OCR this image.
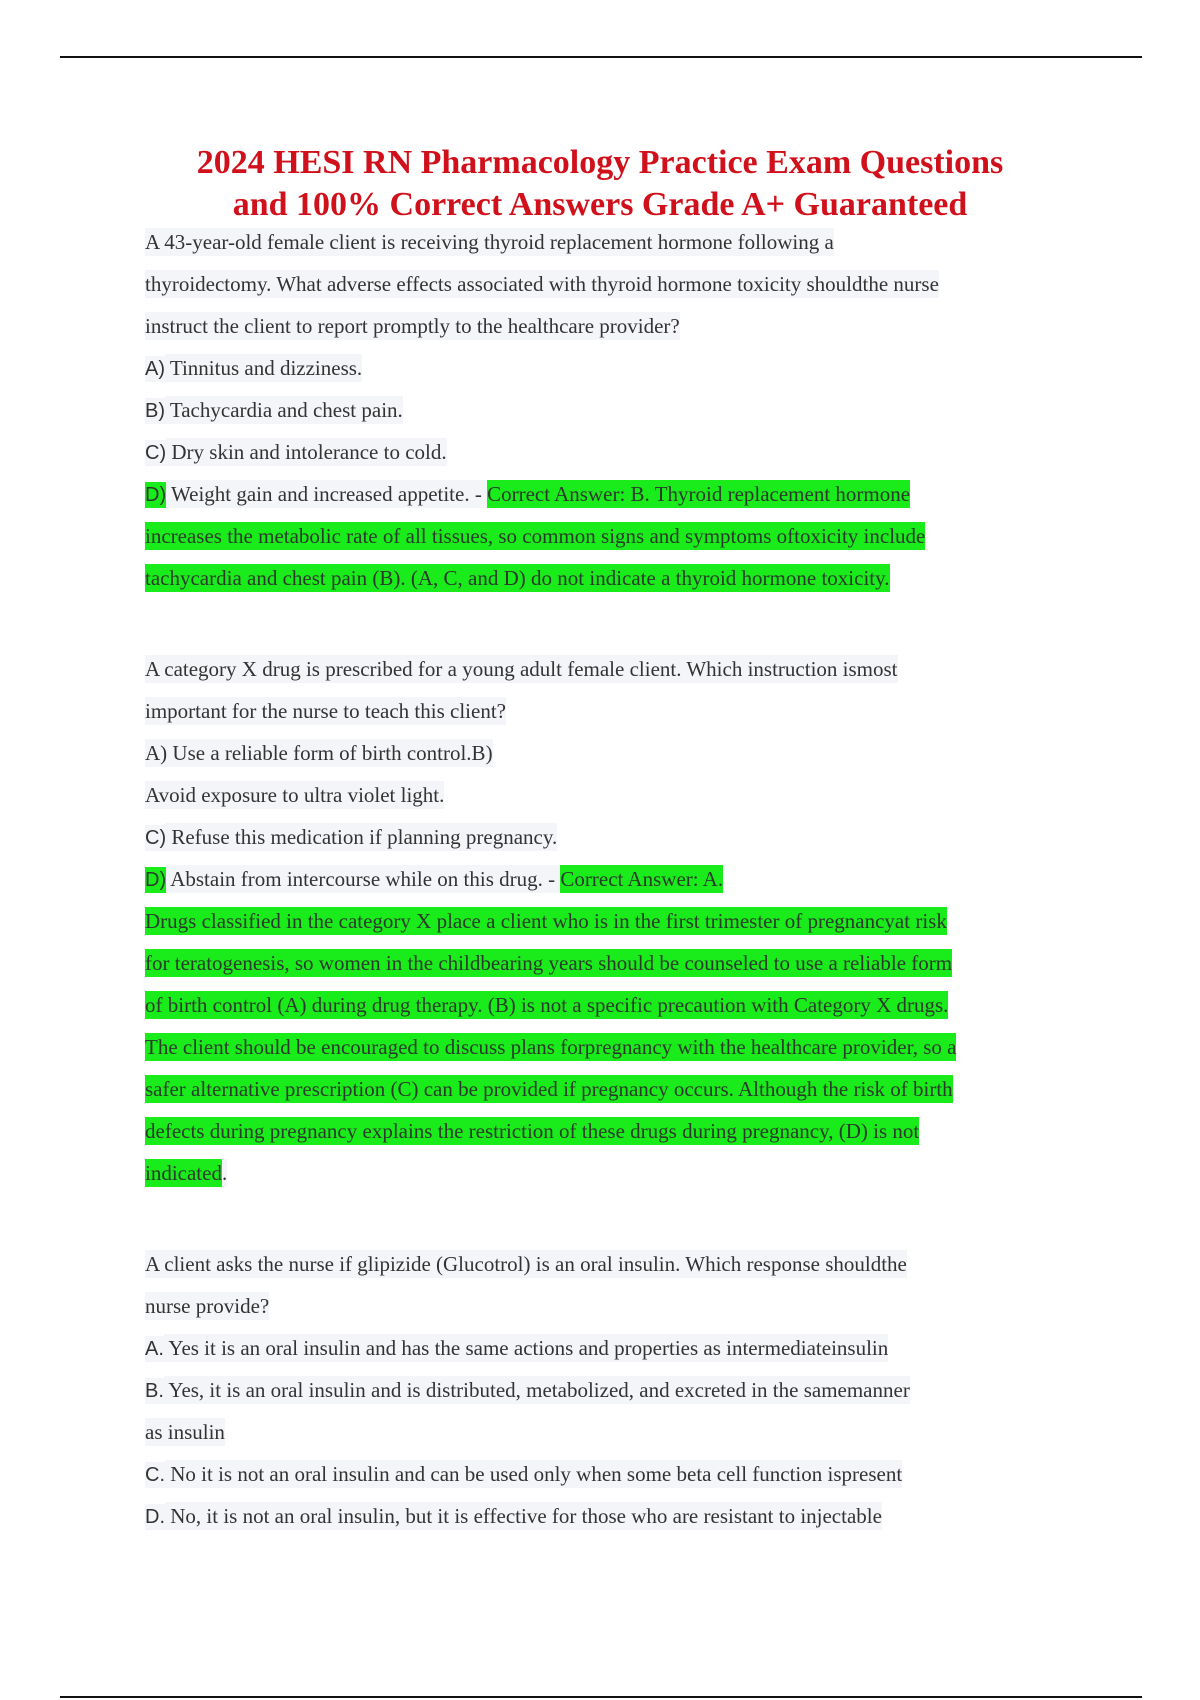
2024 HESI RN Pharmacology Practice Exam Questions
and 100% Correct Answers Grade A+ Guaranteed
A 43-year-old female client is receiving thyroid replacement hormone following a
thyroidectomy. What adverse effects associated with thyroid hormone toxicity shouldthe nurse
instruct the client to report promptly to the healthcare provider?
A) Tinnitus and dizziness.
B) Tachycardia and chest pain.
C) Dry skin and intolerance to cold.
D) Weight gain and increased appetite. - Correct Answer: B. Thyroid replacement hormone
increases the metabolic rate of all tissues, so common signs and symptoms oftoxicity include
tachycardia and chest pain (B). (A, C, and D) do not indicate a thyroid hormone toxicity.
A category X drug is prescribed for a young adult female client. Which instruction ismost
important for the nurse to teach this client?
A) Use a reliable form of birth control.B)
Avoid exposure to ultra violet light.
C) Refuse this medication if planning pregnancy.
D) Abstain from intercourse while on this drug. - Correct Answer: A.
Drugs classified in the category X place a client who is in the first trimester of pregnancyat risk
for teratogenesis, so women in the childbearing years should be counseled to use a reliable form
of birth control (A) during drug therapy. (B) is not a specific precaution with Category X drugs.
The client should be encouraged to discuss plans forpregnancy with the healthcare provider, so a
safer alternative prescription (C) can be provided if pregnancy occurs. Although the risk of birth
defects during pregnancy explains the restriction of these drugs during pregnancy, (D) is not
indicated.
A client asks the nurse if glipizide (Glucotrol) is an oral insulin. Which response shouldthe
nurse provide?
A. Yes it is an oral insulin and has the same actions and properties as intermediateinsulin
B. Yes, it is an oral insulin and is distributed, metabolized, and excreted in the samemanner
as insulin
C. No it is not an oral insulin and can be used only when some beta cell function ispresent
D. No, it is not an oral insulin, but it is effective for those who are resistant to injectable
